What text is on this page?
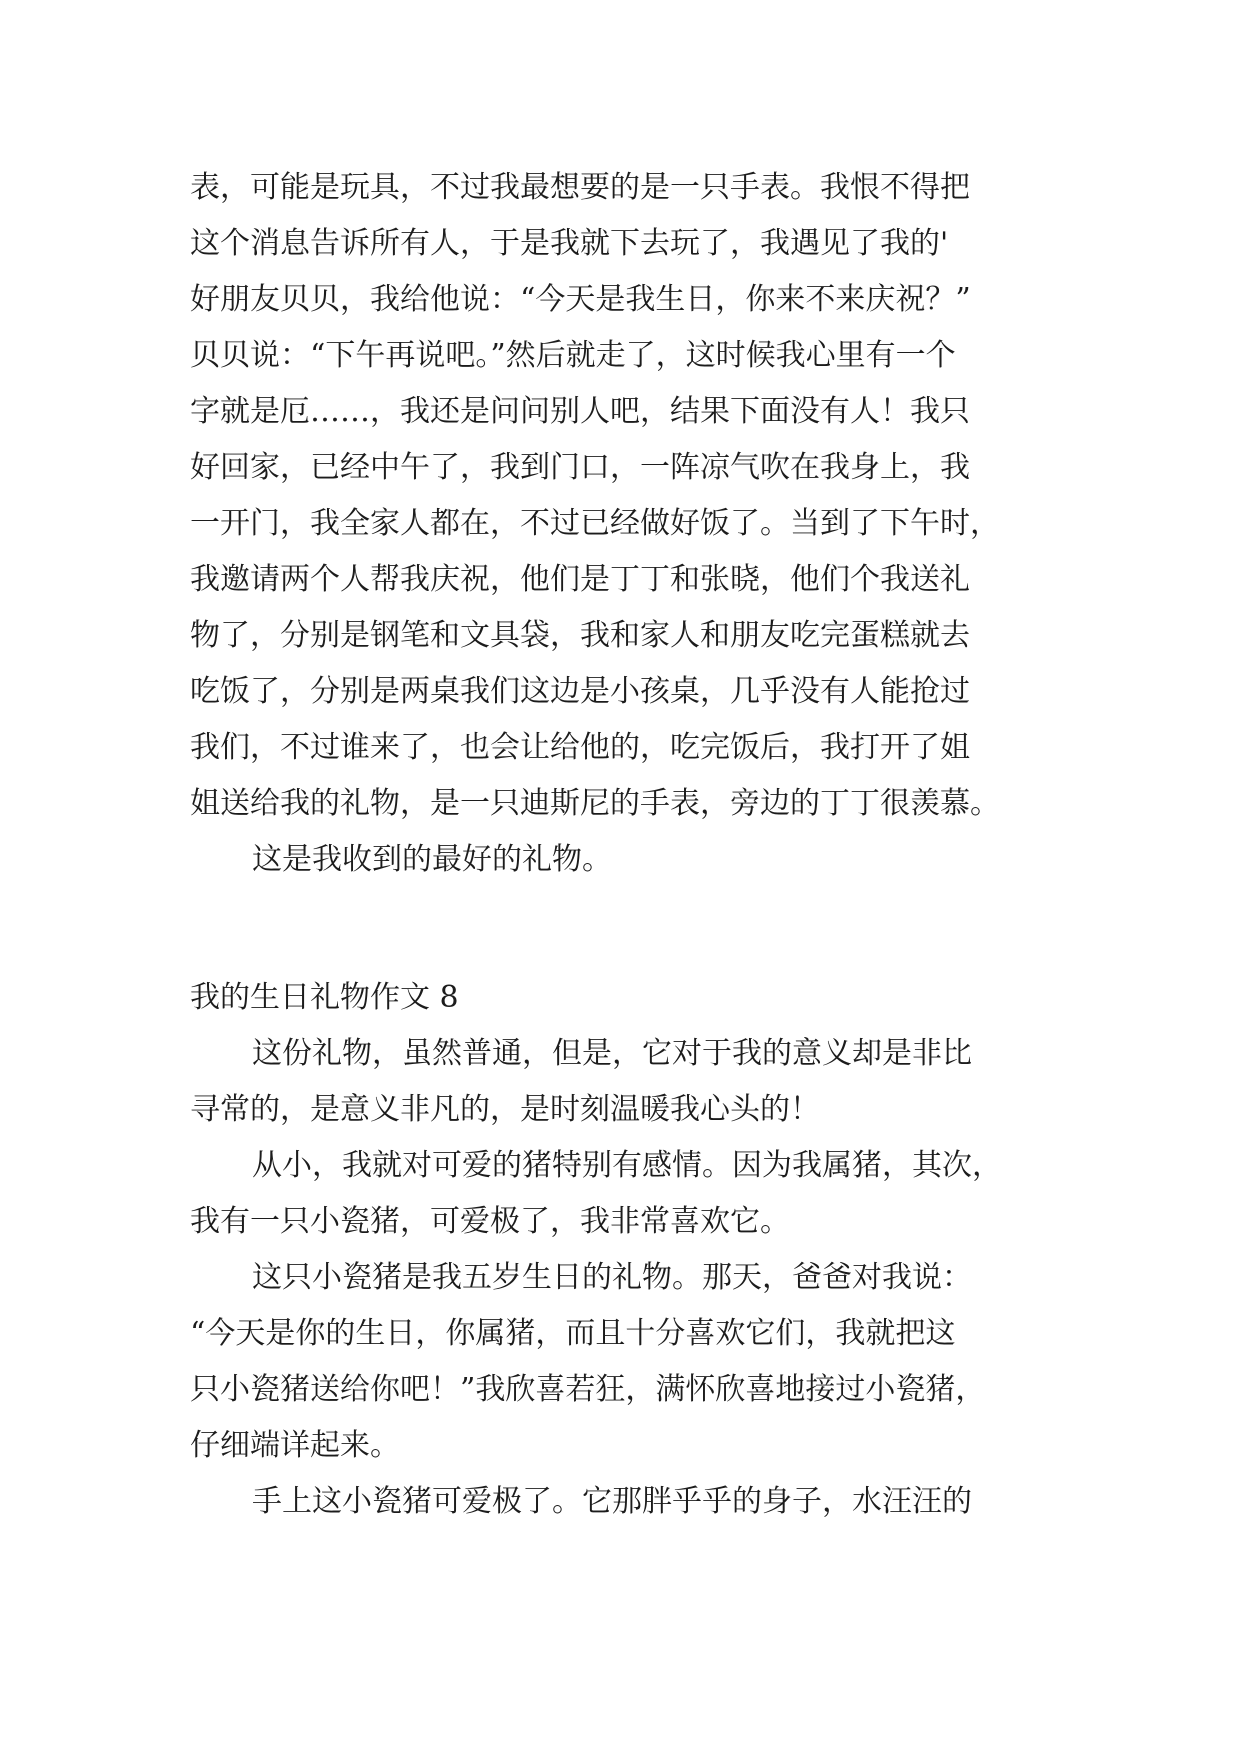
表，可能是玩具，不过我最想要的是一只手表。我恨不得把
这个消息告诉所有人，于是我就下去玩了，我遇见了我的'
好朋友贝贝，我给他说：“今天是我生日，你来不来庆祝？”
贝贝说：“下午再说吧。”然后就走了，这时候我心里有一个
字就是厄……，我还是问问别人吧，结果下面没有人！我只
好回家，已经中午了，我到门口，一阵凉气吹在我身上，我
一开门，我全家人都在，不过已经做好饭了。当到了下午时，
我邀请两个人帮我庆祝，他们是丁丁和张晓，他们个我送礼
物了，分别是钢笔和文具袋，我和家人和朋友吃完蛋糕就去
吃饭了，分别是两桌我们这边是小孩桌，几乎没有人能抢过
我们，不过谁来了，也会让给他的，吃完饭后，我打开了姐
姐送给我的礼物，是一只迪斯尼的手表，旁边的丁丁很羡慕。
这是我收到的最好的礼物。
我的生日礼物作文 8
这份礼物，虽然普通，但是，它对于我的意义却是非比
寻常的，是意义非凡的，是时刻温暖我心头的！
从小，我就对可爱的猪特别有感情。因为我属猪，其次，
我有一只小瓷猪，可爱极了，我非常喜欢它。
这只小瓷猪是我五岁生日的礼物。那天，爸爸对我说：
“今天是你的生日，你属猪，而且十分喜欢它们，我就把这
只小瓷猪送给你吧！”我欣喜若狂，满怀欣喜地接过小瓷猪，
仔细端详起来。
手上这小瓷猪可爱极了。它那胖乎乎的身子，水汪汪的
